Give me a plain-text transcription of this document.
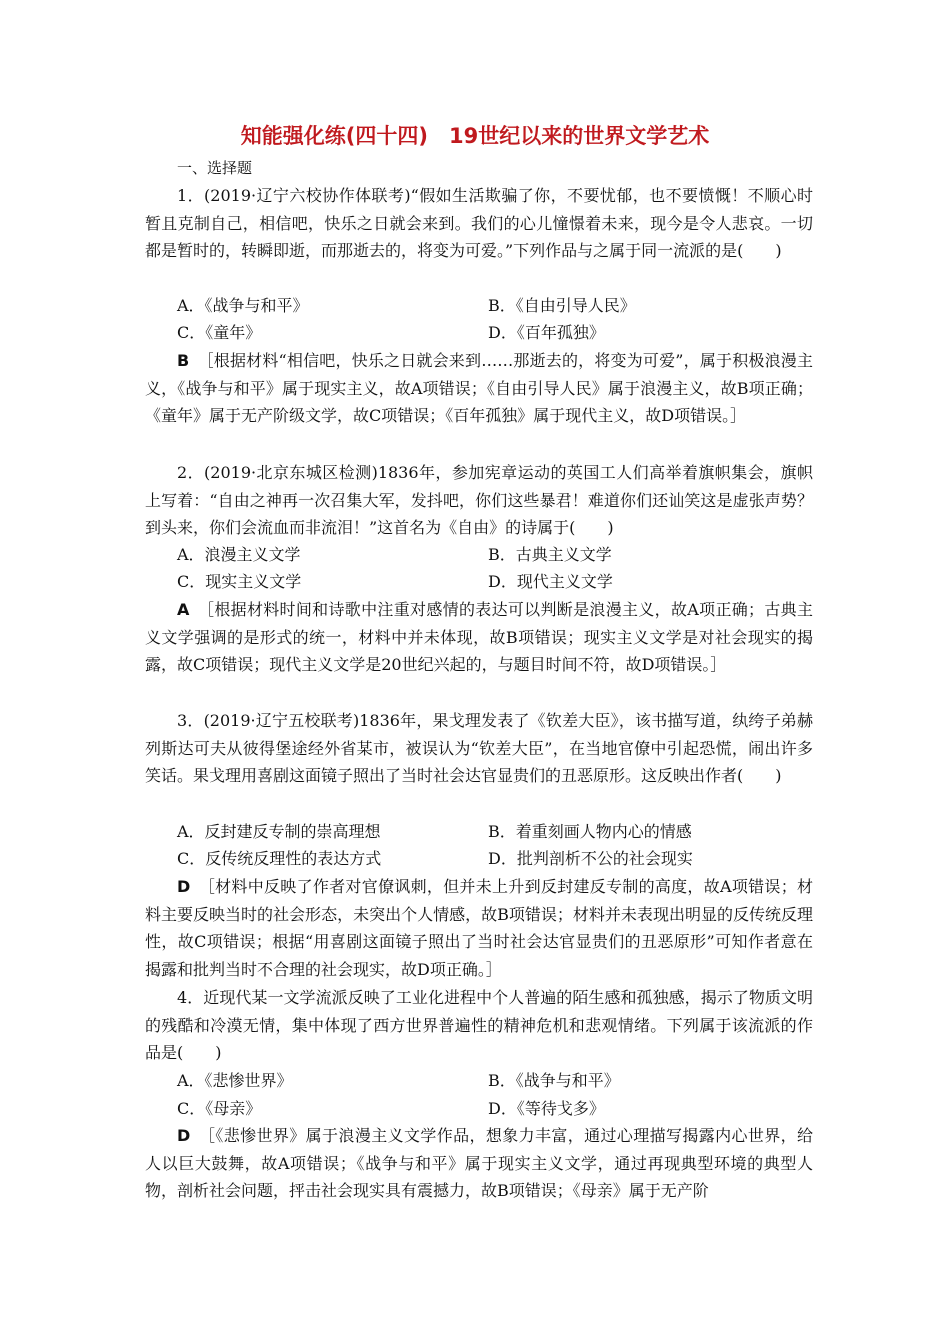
知能强化练(四十四)　19世纪以来的世界文学艺术
一、选择题
1．(2019·辽宁六校协作体联考)“假如生活欺骗了你，不要忧郁，也不要愤慨！不顺心时暂且克制自己，相信吧，快乐之日就会来到。我们的心儿憧憬着未来，现今是令人悲哀。一切都是暂时的，转瞬即逝，而那逝去的，将变为可爱。”下列作品与之属于同一流派的是(　　)
A．《战争与和平》	B．《自由引导人民》
C．《童年》	D．《百年孤独》
B　 ［根据材料“相信吧，快乐之日就会来到……那逝去的，将变为可爱”，属于积极浪漫主义，《战争与和平》属于现实主义，故A项错误；《自由引导人民》属于浪漫主义，故B项正确；《童年》属于无产阶级文学，故C项错误；《百年孤独》属于现代主义，故D项错误。］
2．(2019·北京东城区检测)1836年，参加宪章运动的英国工人们高举着旗帜集会，旗帜上写着：“自由之神再一次召集大军，发抖吧，你们这些暴君！难道你们还讪笑这是虚张声势？到头来，你们会流血而非流泪！”这首名为《自由》的诗属于(　　)
A．浪漫主义文学	B．古典主义文学
C．现实主义文学	D．现代主义文学
A　 ［根据材料时间和诗歌中注重对感情的表达可以判断是浪漫主义，故A项正确；古典主义文学强调的是形式的统一，材料中并未体现，故B项错误；现实主义文学是对社会现实的揭露，故C项错误；现代主义文学是20世纪兴起的，与题目时间不符，故D项错误。］
3．(2019·辽宁五校联考)1836年，果戈理发表了《钦差大臣》，该书描写道，纨绔子弟赫列斯达可夫从彼得堡途经外省某市，被误认为“钦差大臣”，在当地官僚中引起恐慌，闹出许多笑话。果戈理用喜剧这面镜子照出了当时社会达官显贵们的丑恶原形。这反映出作者(　　)
A．反封建反专制的崇高理想	B．着重刻画人物内心的情感
C．反传统反理性的表达方式	D．批判剖析不公的社会现实
D　 ［材料中反映了作者对官僚讽刺，但并未上升到反封建反专制的高度，故A项错误；材料主要反映当时的社会形态，未突出个人情感，故B项错误；材料并未表现出明显的反传统反理性，故C项错误；根据“用喜剧这面镜子照出了当时社会达官显贵们的丑恶原形”可知作者意在揭露和批判当时不合理的社会现实，故D项正确。］
4．近现代某一文学流派反映了工业化进程中个人普遍的陌生感和孤独感，揭示了物质文明的残酷和冷漠无情，集中体现了西方世界普遍性的精神危机和悲观情绪。下列属于该流派的作品是(　　)
A．《悲惨世界》	B．《战争与和平》
C．《母亲》	D．《等待戈多》
D　 ［《悲惨世界》属于浪漫主义文学作品，想象力丰富，通过心理描写揭露内心世界，给人以巨大鼓舞，故A项错误；《战争与和平》属于现实主义文学，通过再现典型环境的典型人物，剖析社会问题，抨击社会现实具有震撼力，故B项错误；《母亲》属于无产阶
